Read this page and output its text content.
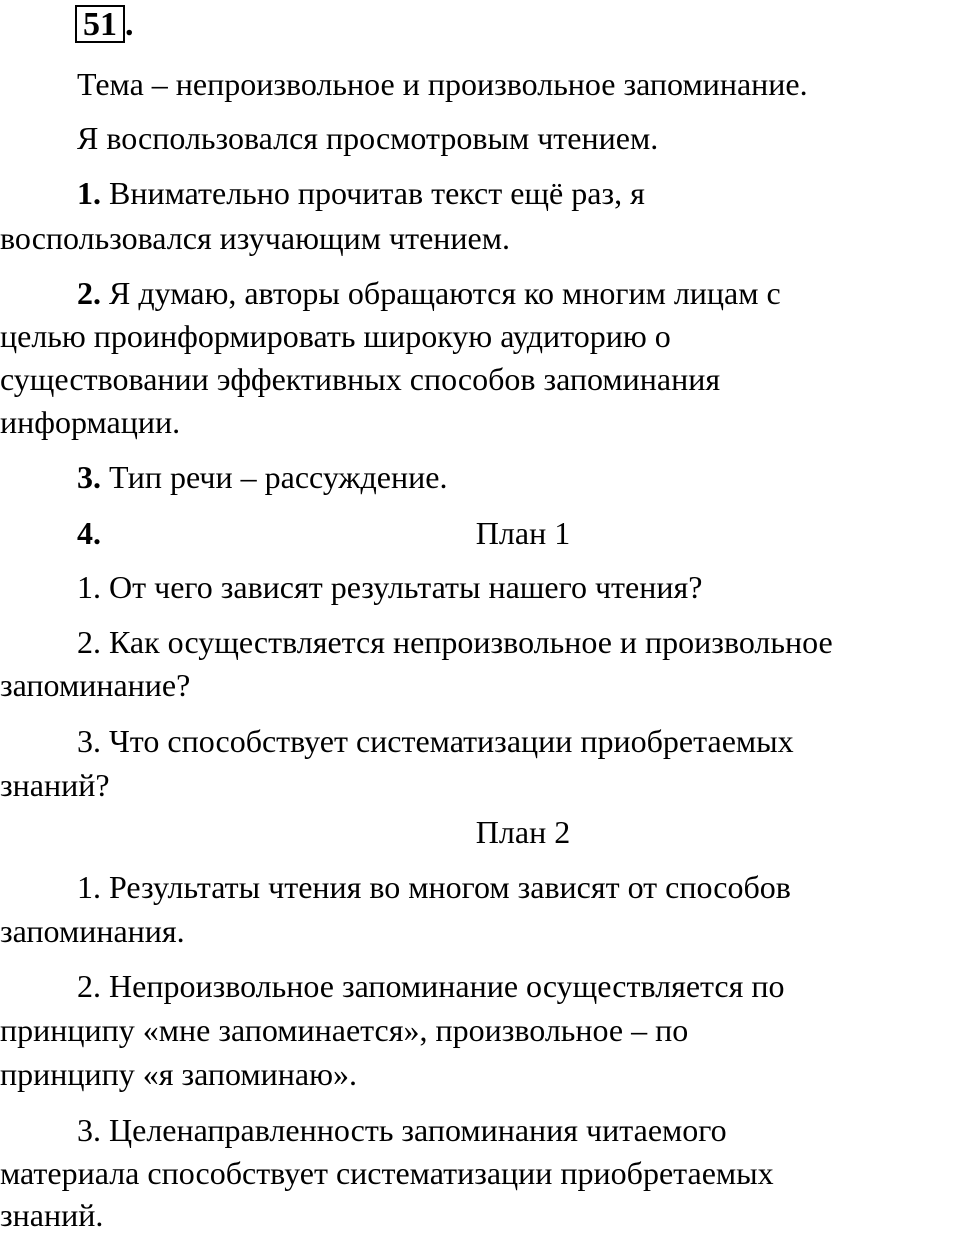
51 .
Тема – непроизвольное и произвольное запоминание.
Я воспользовался просмотровым чтением.
1. Внимательно прочитав текст ещё раз, я
воспользовался изучающим чтением.
2. Я думаю, авторы обращаются ко многим лицам с
целью проинформировать широкую аудиторию о
существовании эффективных способов запоминания
информации.
3. Тип речи – рассуждение.
4.	План 1
1. От чего зависят результаты нашего чтения?
2. Как осуществляется непроизвольное и произвольное
запоминание?
3. Что способствует систематизации приобретаемых
знаний?
План 2
1. Результаты чтения во многом зависят от способов
запоминания.
2. Непроизвольное запоминание осуществляется по
принципу «мне запоминается», произвольное – по
принципу «я запоминаю».
3. Целенаправленность запоминания читаемого
материала способствует систематизации приобретаемых
знаний.
